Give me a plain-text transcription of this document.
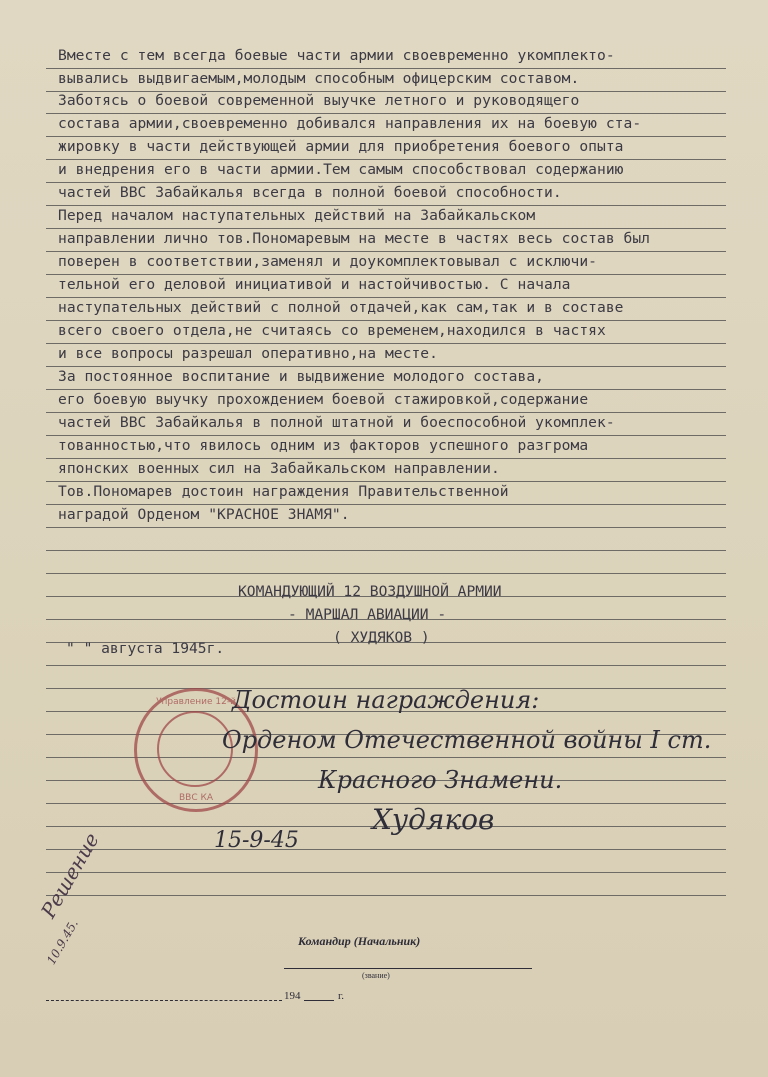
Вместе с тем всегда боевые части армии своевременно укомплекто-
вывались выдвигаемым,молодым способным офицерским составом.
Заботясь о боевой современной выучке летного и руководящего
состава армии,своевременно добивался направления их на боевую ста-
жировку в части действующей армии для приобретения боевого опыта
и внедрения его в части армии.Тем самым способствовал содержанию
частей ВВС Забайкалья всегда в полной боевой способности.
Перед началом наступательных действий на Забайкальском
направлении лично тов.Пономаревым на месте в частях весь состав был
поверен в соответствии,заменял и доукомплектовывал с исключи-
тельной его деловой инициативой и настойчивостью. С начала
наступательных действий с полной отдачей,как сам,так и в составе
всего своего отдела,не считаясь со временем,находился в частях
и все вопросы разрешал оперативно,на месте.
За постоянное воспитание и выдвижение молодого состава,
его боевую выучку прохождением боевой стажировкой,содержание
частей ВВС Забайкалья в полной штатной и боеспособной укомплек-
тованностью,что явилось одним из факторов успешного разгрома
японских военных сил на Забайкальском направлении.
Тов.Пономарев достоин награждения Правительственной
наградой Орденом "КРАСНОЕ ЗНАМЯ".
КОМАНДУЮЩИЙ 12 ВОЗДУШНОЙ АРМИИ
- МАРШАЛ АВИАЦИИ -
( ХУДЯКОВ )
" " августа 1945г.
Управление 12-й
ВВС КА
Достоин награждения:
Орденом Отечественной войны I ст.
Красного Знамени.
Худяков
15-9-45
Решение
10.9.45.	Командир (Начальник)
(звание)
194	г.
